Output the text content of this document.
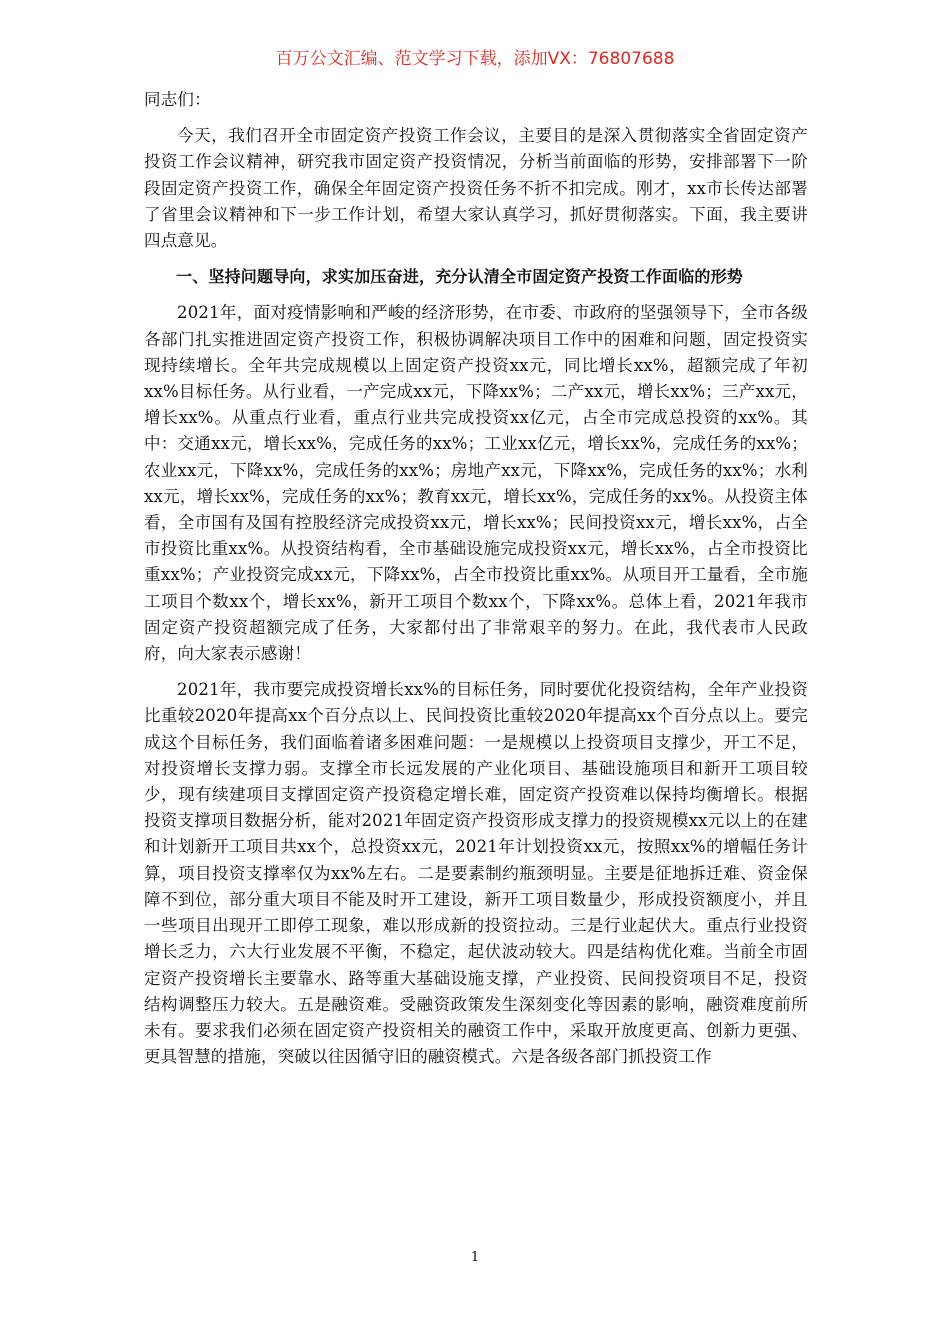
百万公文汇编、范文学习下载，添加VX：76807688

同志们：

今天，我们召开全市固定资产投资工作会议，主要目的是深入贯彻落实全省固定资产投资工作会议精神，研究我市固定资产投资情况，分析当前面临的形势，安排部署下一阶段固定资产投资工作，确保全年固定资产投资任务不折不扣完成。刚才，xx市长传达部署了省里会议精神和下一步工作计划，希望大家认真学习，抓好贯彻落实。下面，我主要讲四点意见。

一、坚持问题导向，求实加压奋进，充分认清全市固定资产投资工作面临的形势

2021年，面对疫情影响和严峻的经济形势，在市委、市政府的坚强领导下，全市各级各部门扎实推进固定资产投资工作，积极协调解决项目工作中的困难和问题，固定投资实现持续增长。全年共完成规模以上固定资产投资xx元，同比增长xx%，超额完成了年初xx%目标任务。从行业看，一产完成xx元，下降xx%；二产xx元，增长xx%；三产xx元，增长xx%。从重点行业看，重点行业共完成投资xx亿元，占全市完成总投资的xx%。其中：交通xx元，增长xx%，完成任务的xx%；工业xx亿元，增长xx%，完成任务的xx%；农业xx元，下降xx%，完成任务的xx%；房地产xx元，下降xx%，完成任务的xx%；水利xx元，增长xx%，完成任务的xx%；教育xx元，增长xx%，完成任务的xx%。从投资主体看，全市国有及国有控股经济完成投资xx元，增长xx%；民间投资xx元，增长xx%，占全市投资比重xx%。从投资结构看，全市基础设施完成投资xx元，增长xx%，占全市投资比重xx%；产业投资完成xx元，下降xx%，占全市投资比重xx%。从项目开工量看，全市施工项目个数xx个，增长xx%，新开工项目个数xx个，下降xx%。总体上看，2021年我市固定资产投资超额完成了任务，大家都付出了非常艰辛的努力。在此，我代表市人民政府，向大家表示感谢！

2021年，我市要完成投资增长xx%的目标任务，同时要优化投资结构，全年产业投资比重较2020年提高xx个百分点以上、民间投资比重较2020年提高xx个百分点以上。要完成这个目标任务，我们面临着诸多困难问题：一是规模以上投资项目支撑少，开工不足，对投资增长支撑力弱。支撑全市长远发展的产业化项目、基础设施项目和新开工项目较少，现有续建项目支撑固定资产投资稳定增长难，固定资产投资难以保持均衡增长。根据投资支撑项目数据分析，能对2021年固定资产投资形成支撑力的投资规模xx元以上的在建和计划新开工项目共xx个，总投资xx元，2021年计划投资xx元，按照xx%的增幅任务计算，项目投资支撑率仅为xx%左右。二是要素制约瓶颈明显。主要是征地拆迁难、资金保障不到位，部分重大项目不能及时开工建设，新开工项目数量少，形成投资额度小，并且一些项目出现开工即停工现象，难以形成新的投资拉动。三是行业起伏大。重点行业投资增长乏力，六大行业发展不平衡，不稳定，起伏波动较大。四是结构优化难。当前全市固定资产投资增长主要靠水、路等重大基础设施支撑，产业投资、民间投资项目不足，投资结构调整压力较大。五是融资难。受融资政策发生深刻变化等因素的影响，融资难度前所未有。要求我们必须在固定资产投资相关的融资工作中，采取开放度更高、创新力更强、更具智慧的措施，突破以往因循守旧的融资模式。六是各级各部门抓投资工作

1
